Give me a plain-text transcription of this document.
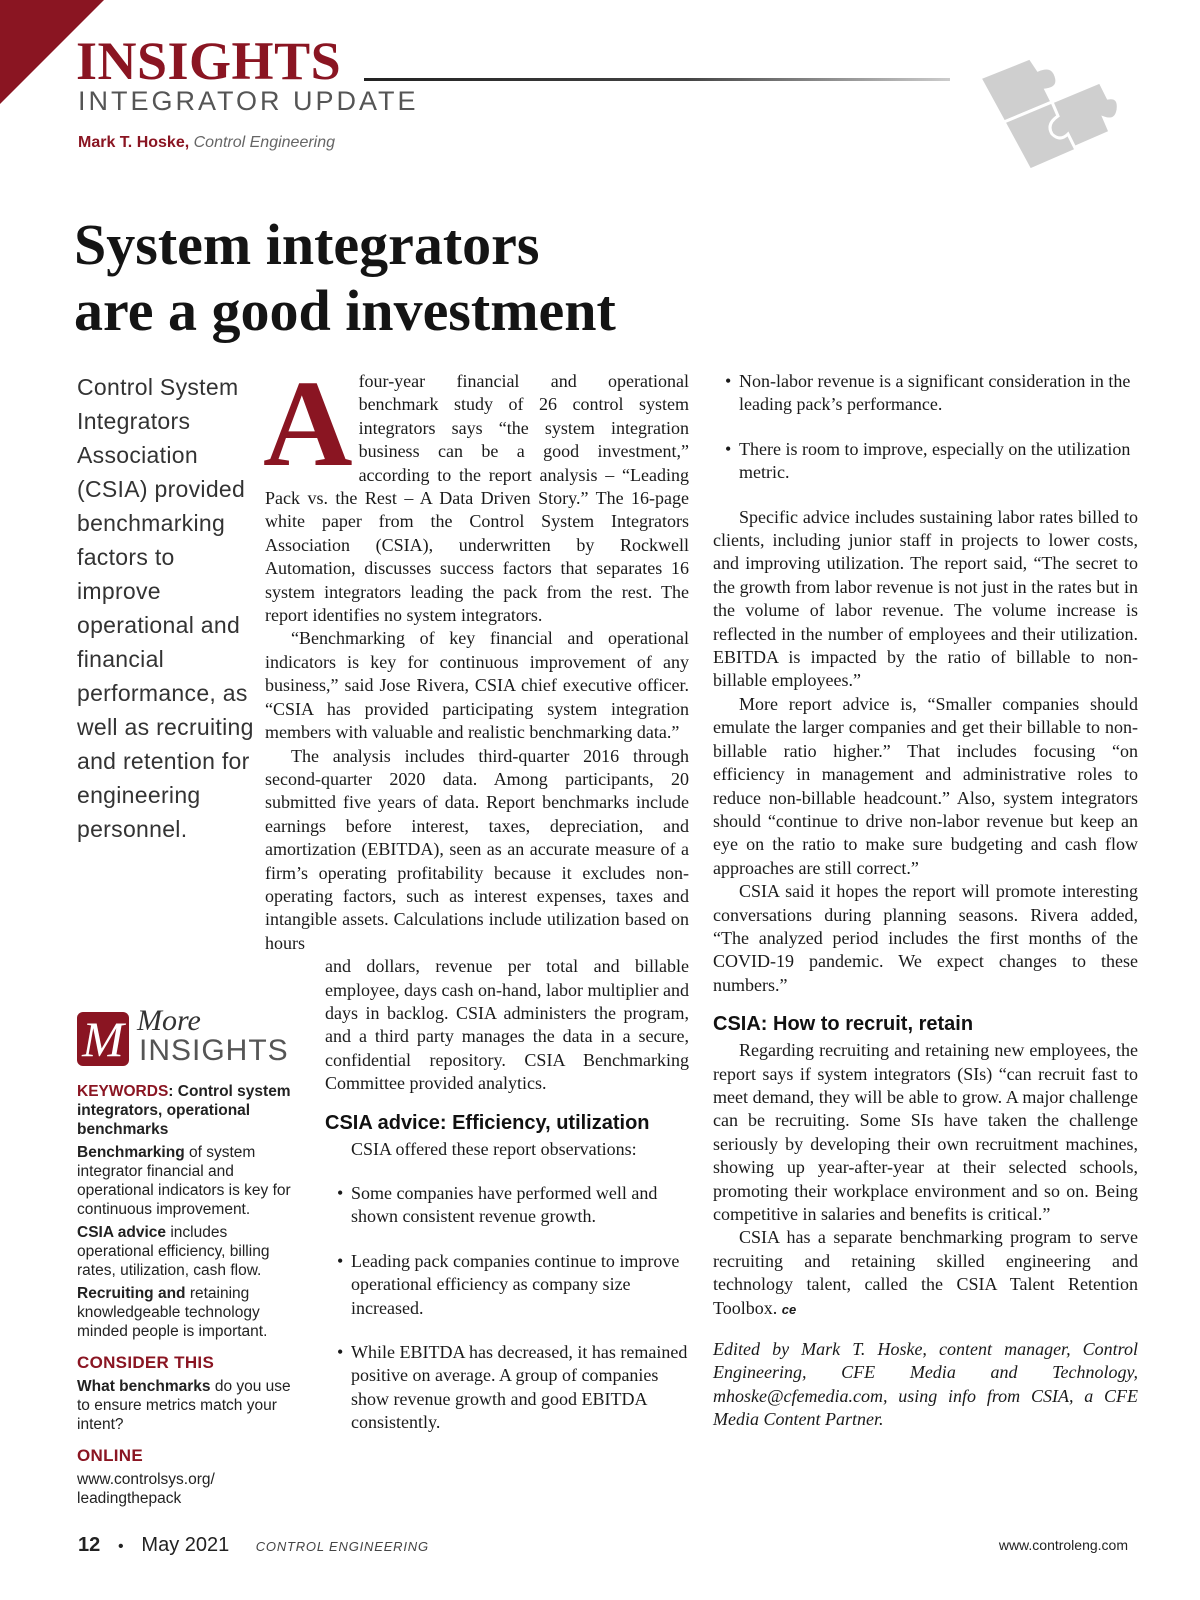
INSIGHTS
INTEGRATOR UPDATE
Mark T. Hoske, Control Engineering
System integrators
are a good investment

Control System Integrators Association (CSIA) provided benchmarking factors to improve operational and financial performance, as well as recruiting and retention for engineering personnel.

Afour-year financial and operational benchmark study of 26 control system integrators says “the system integration business can be a good investment,” according to the report analysis – “Leading Pack vs. the Rest – A Data Driven Story.” The 16-page white paper from the Control System Integrators Association (CSIA), underwritten by Rockwell Automation, discusses success factors that separates 16 system integrators leading the pack from the rest. The report identifies no system integrators.

“Benchmarking of key financial and operational indicators is key for continuous improvement of any business,” said Jose Rivera, CSIA chief executive officer. “CSIA has provided participating system integration members with valuable and realistic benchmarking data.”

The analysis includes third-quarter 2016 through second-quarter 2020 data. Among participants, 20 submitted five years of data. Report benchmarks include earnings before interest, taxes, depreciation, and amortization (EBITDA), seen as an accurate measure of a firm’s operating profitability because it excludes non-operating factors, such as interest expenses, taxes and intangible assets. Calculations include utilization based on hours

and dollars, revenue per total and billable employee, days cash on-hand, labor multiplier and days in backlog. CSIA administers the program, and a third party manages the data in a secure, confidential repository. CSIA Benchmarking Committee provided analytics.

CSIA advice: Efficiency, utilization

CSIA offered these report observations:

• Some companies have performed well and shown consistent revenue growth.
• Leading pack companies continue to improve operational efficiency as company size increased.
• While EBITDA has decreased, it has remained positive on average. A group of companies show revenue growth and good EBITDA consistently.
• Non-labor revenue is a significant consideration in the leading pack’s performance.
• There is room to improve, especially on the utilization metric.

Specific advice includes sustaining labor rates billed to clients, including junior staff in projects to lower costs, and improving utilization. The report said, “The secret to the growth from labor revenue is not just in the rates but in the volume of labor revenue. The volume increase is reflected in the number of employees and their utilization. EBITDA is impacted by the ratio of billable to non-billable employees.”

More report advice is, “Smaller companies should emulate the larger companies and get their billable to non-billable ratio higher.” That includes focusing “on efficiency in management and administrative roles to reduce non-billable headcount.” Also, system integrators should “continue to drive non-labor revenue but keep an eye on the ratio to make sure budgeting and cash flow approaches are still correct.”

CSIA said it hopes the report will promote interesting conversations during planning seasons. Rivera added, “The analyzed period includes the first months of the COVID-19 pandemic. We expect changes to these numbers.”

CSIA: How to recruit, retain

Regarding recruiting and retaining new employees, the report says if system integrators (SIs) “can recruit fast to meet demand, they will be able to grow. A major challenge can be recruiting. Some SIs have taken the challenge seriously by developing their own recruitment machines, showing up year-after-year at their selected schools, promoting their workplace environment and so on. Being competitive in salaries and benefits is critical.”

CSIA has a separate benchmarking program to serve recruiting and retaining skilled engineering and technology talent, called the CSIA Talent Retention Toolbox. ce

Edited by Mark T. Hoske, content manager, Control Engineering, CFE Media and Technology, mhoske@cfemedia.com, using info from CSIA, a CFE Media Content Partner.

M More
INSIGHTS

KEYWORDS: Control system integrators, operational benchmarks

Benchmarking of system integrator financial and operational indicators is key for continuous improvement.

CSIA advice includes operational efficiency, billing rates, utilization, cash flow.

Recruiting and retaining knowledgeable technology minded people is important.

CONSIDER THIS

What benchmarks do you use to ensure metrics match your intent?

ONLINE

www.controlsys.org/ leadingthepack

12 • May 2021 CONTROL ENGINEERING	www.controleng.com
